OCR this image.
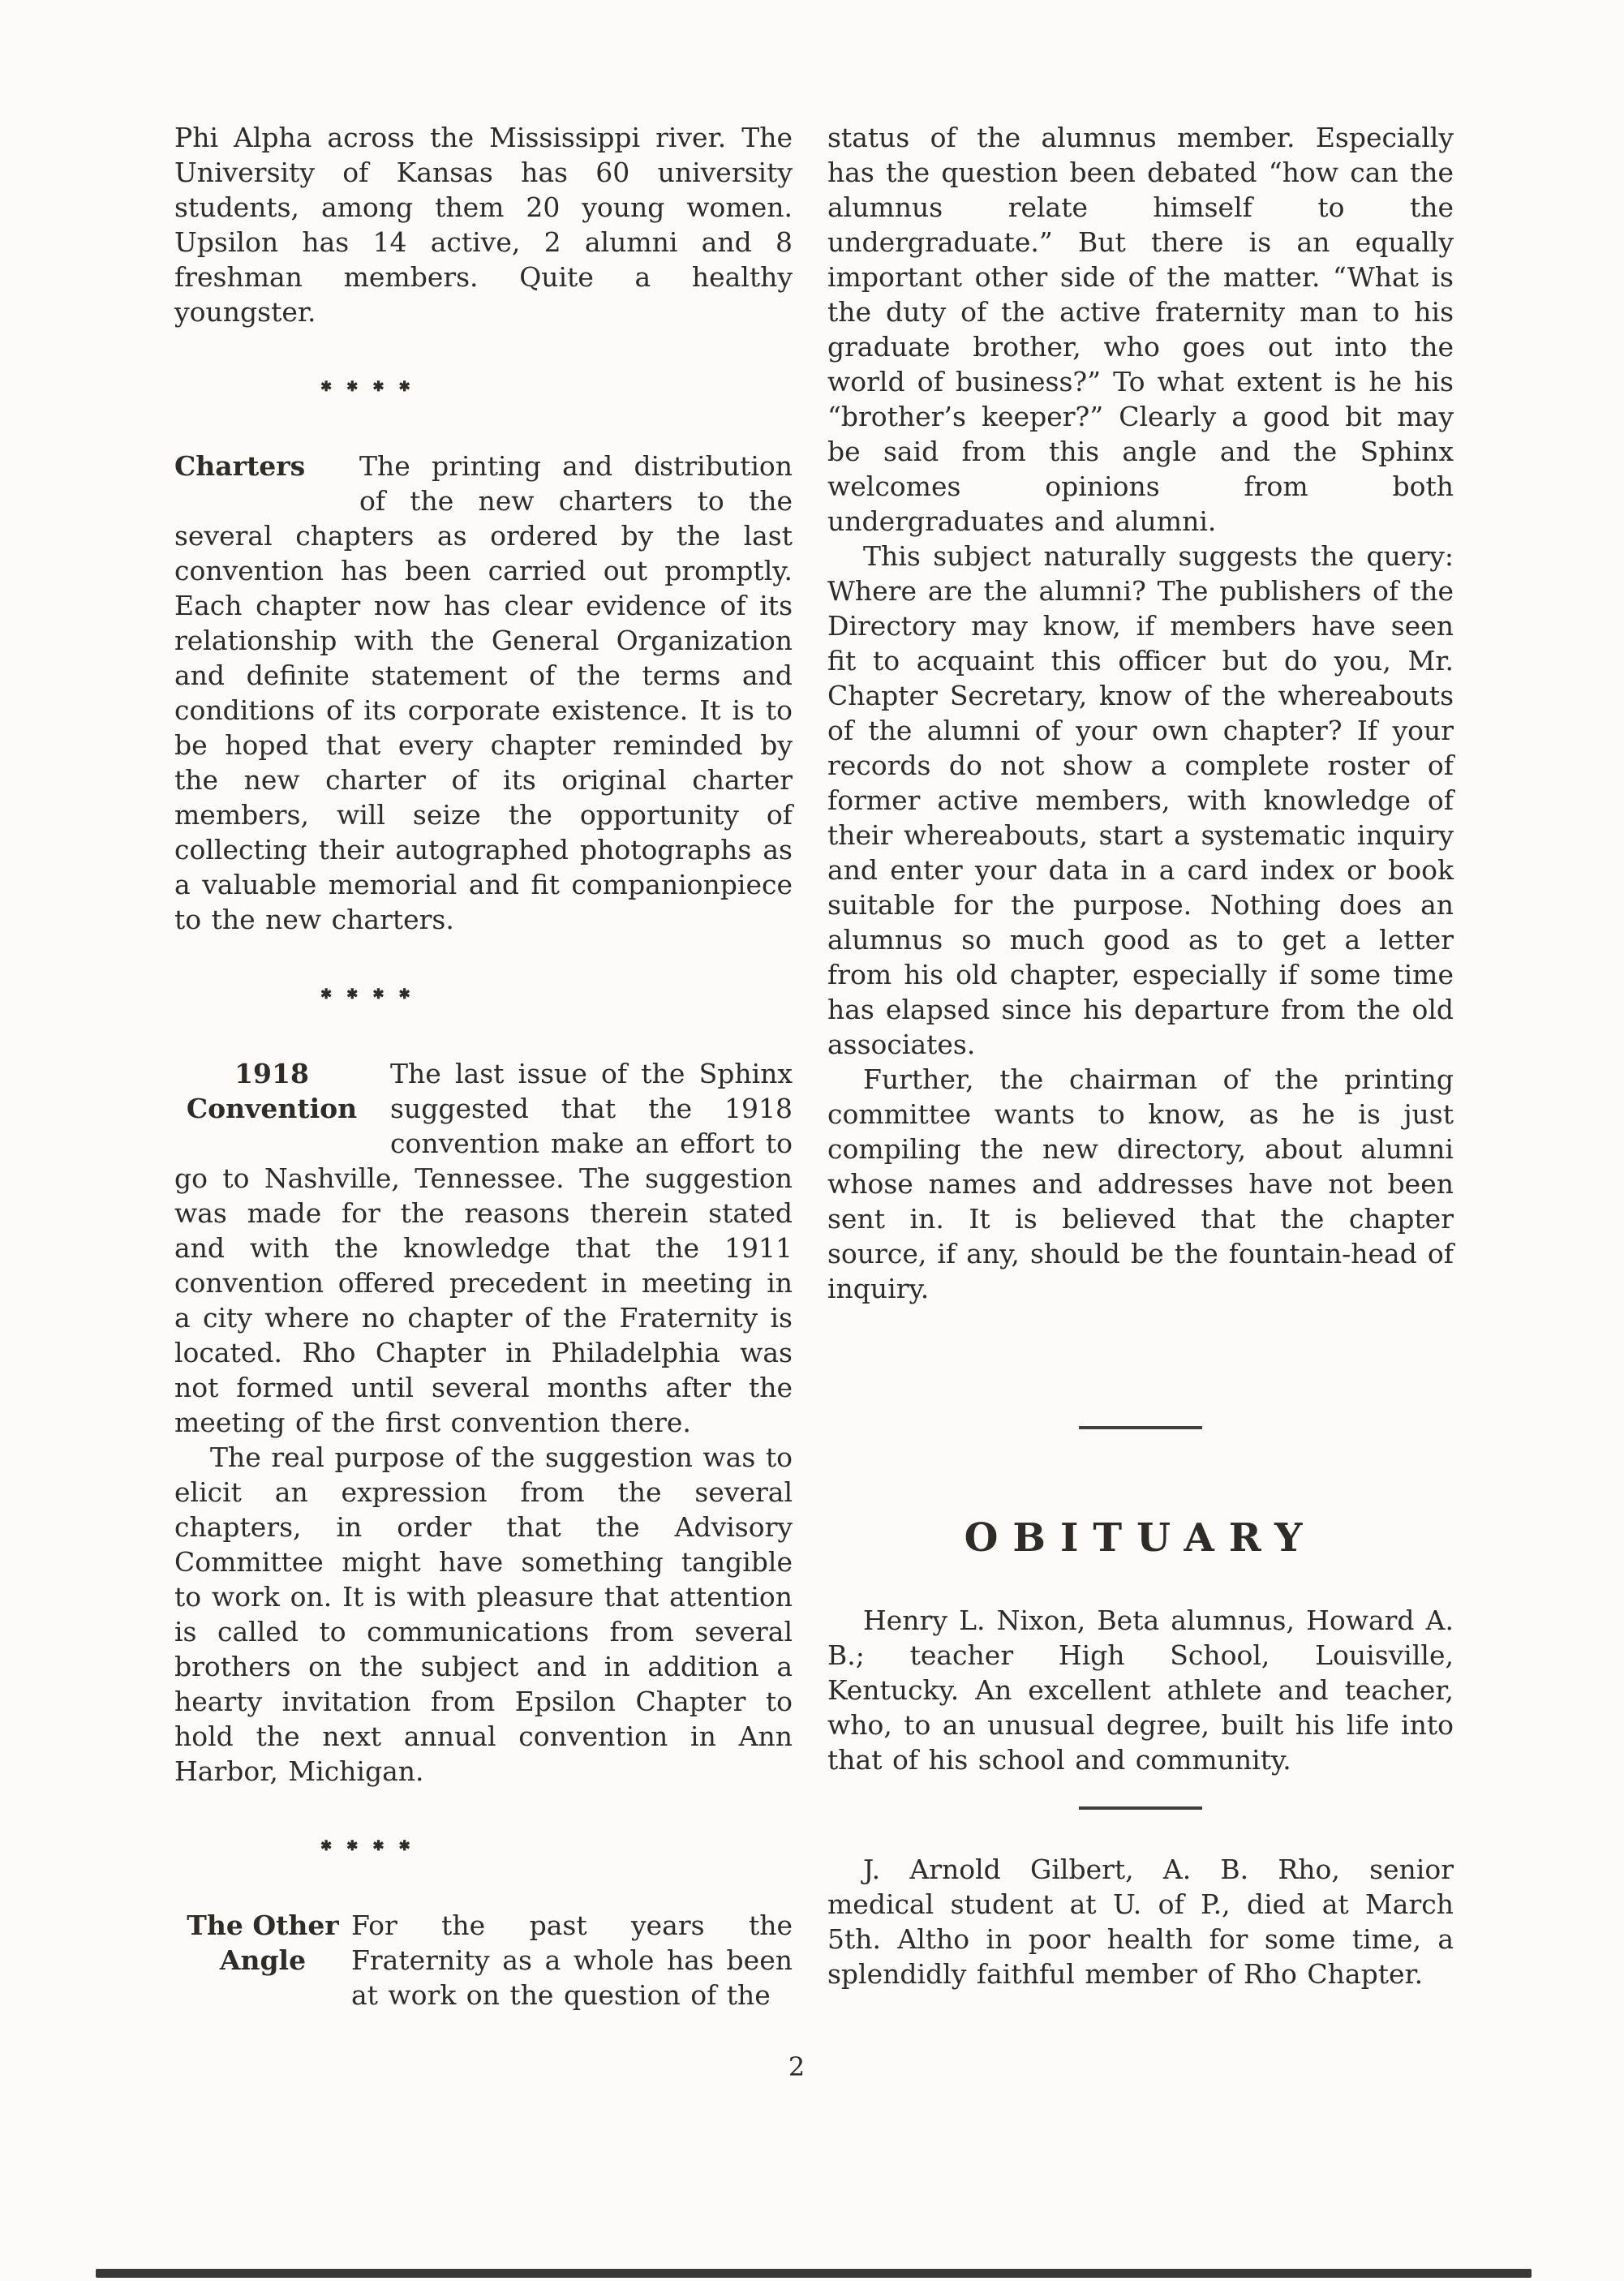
Phi Alpha across the Mississippi river. The University of Kansas has 60 university students, among them 20 young women. Upsilon has 14 active, 2 alumni and 8 freshman members. Quite a healthy youngster.

✱ ✱ ✱ ✱
Charters	The printing and distribution of the new charters to the several chapters as ordered by the last convention has been carried out promptly. Each chapter now has clear evidence of its relationship with the General Organization and definite statement of the terms and conditions of its corporate existence. It is to be hoped that every chapter reminded by the new charter of its original charter members, will seize the opportunity of collecting their autographed photographs as a valuable memorial and fit companionpiece to the new charters.

✱ ✱ ✱ ✱
1918
Convention

The last issue of the Sphinx suggested that the 1918 convention make an effort to go to Nashville, Tennessee. The suggestion was made for the reasons therein stated and with the knowledge that the 1911 convention offered precedent in meeting in a city where no chapter of the Fraternity is located. Rho Chapter in Philadelphia was not formed until several months after the meeting of the first convention there.

The real purpose of the suggestion was to elicit an expression from the several chapters, in order that the Advisory Committee might have something tangible to work on. It is with pleasure that attention is called to communications from several brothers on the subject and in addition a hearty invitation from Epsilon Chapter to hold the next annual convention in Ann Harbor, Michigan.

✱ ✱ ✱ ✱
The Other
Angle

For the past years the Fraternity as a whole has been at work on the question of the

status of the alumnus member. Especially has the question been debated “how can the alumnus relate himself to the undergraduate.” But there is an equally important other side of the matter. “What is the duty of the active fraternity man to his graduate brother, who goes out into the world of business?” To what extent is he his “brother’s keeper?” Clearly a good bit may be said from this angle and the Sphinx welcomes opinions from both undergraduates and alumni.

This subject naturally suggests the query: Where are the alumni? The publishers of the Directory may know, if members have seen fit to acquaint this officer but do you, Mr. Chapter Secretary, know of the whereabouts of the alumni of your own chapter? If your records do not show a complete roster of former active members, with knowledge of their whereabouts, start a systematic inquiry and enter your data in a card index or book suitable for the purpose. Nothing does an alumnus so much good as to get a letter from his old chapter, especially if some time has elapsed since his departure from the old associates.

Further, the chairman of the printing committee wants to know, as he is just compiling the new directory, about alumni whose names and addresses have not been sent in. It is believed that the chapter source, if any, should be the fountain-head of inquiry.

OBITUARY

Henry L. Nixon, Beta alumnus, Howard A. B.; teacher High School, Louisville, Kentucky. An excellent athlete and teacher, who, to an unusual degree, built his life into that of his school and community.

J. Arnold Gilbert, A. B. Rho, senior medical student at U. of P., died at March 5th. Altho in poor health for some time, a splendidly faithful member of Rho Chapter.

2
